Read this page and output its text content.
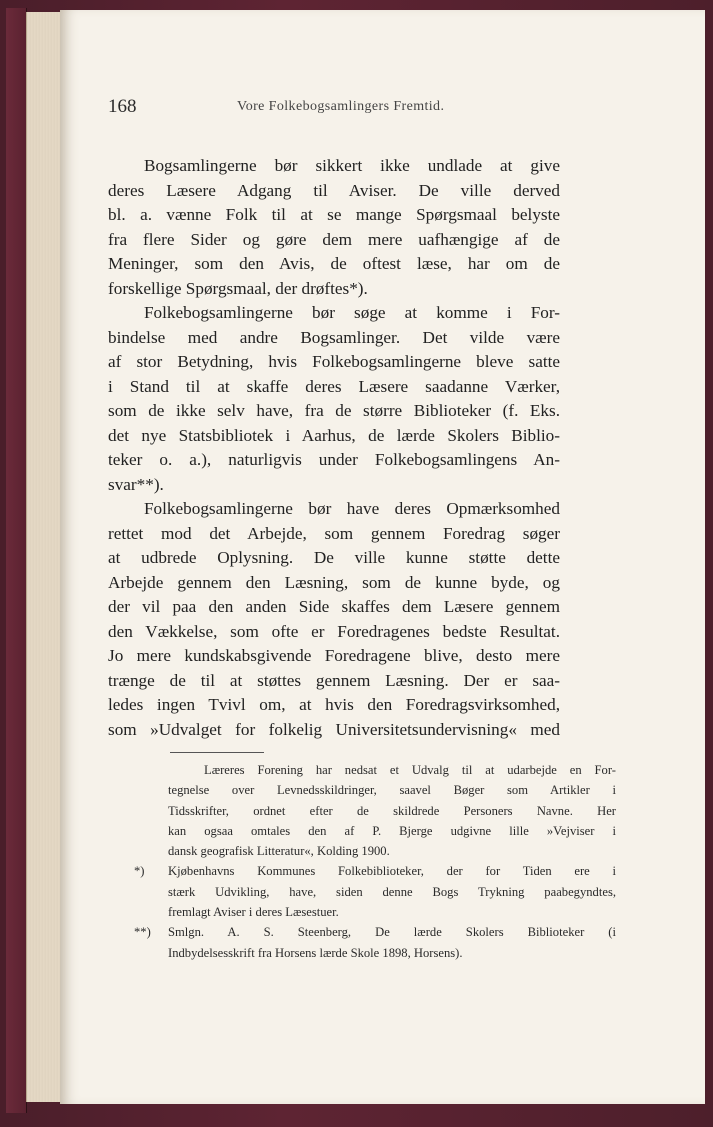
168	Vore Folkebogsamlingers Fremtid.
Bogsamlingerne bør sikkert ikke undlade at give
deres Læsere Adgang til Aviser. De ville derved
bl. a. vænne Folk til at se mange Spørgsmaal belyste
fra flere Sider og gøre dem mere uafhængige af de
Meninger, som den Avis, de oftest læse, har om de
forskellige Spørgsmaal, der drøftes*).
Folkebogsamlingerne bør søge at komme i For-
bindelse med andre Bogsamlinger. Det vilde være
af stor Betydning, hvis Folkebogsamlingerne bleve satte
i Stand til at skaffe deres Læsere saadanne Værker,
som de ikke selv have, fra de større Biblioteker (f. Eks.
det nye Statsbibliotek i Aarhus, de lærde Skolers Biblio-
teker o. a.), naturligvis under Folkebogsamlingens An-
svar**).
Folkebogsamlingerne bør have deres Opmærksomhed
rettet mod det Arbejde, som gennem Foredrag søger
at udbrede Oplysning. De ville kunne støtte dette
Arbejde gennem den Læsning, som de kunne byde, og
der vil paa den anden Side skaffes dem Læsere gennem
den Vækkelse, som ofte er Foredragenes bedste Resultat.
Jo mere kundskabsgivende Foredragene blive, desto mere
trænge de til at støttes gennem Læsning. Der er saa-
ledes ingen Tvivl om, at hvis den Foredragsvirksomhed,
som »Udvalget for folkelig Universitetsundervisning« med
Læreres Forening har nedsat et Udvalg til at udarbejde en For-
tegnelse over Levnedsskildringer, saavel Bøger som Artikler i
Tidsskrifter, ordnet efter de skildrede Personers Navne. Her
kan ogsaa omtales den af P. Bjerge udgivne lille »Vejviser i
dansk geografisk Litteratur«, Kolding 1900.
*) Kjøbenhavns Kommunes Folkebiblioteker, der for Tiden ere i
stærk Udvikling, have, siden denne Bogs Trykning paabegyndtes,
fremlagt Aviser i deres Læsestuer.
**) Smlgn. A. S. Steenberg, De lærde Skolers Biblioteker (i
Indbydelsesskrift fra Horsens lærde Skole 1898, Horsens).
